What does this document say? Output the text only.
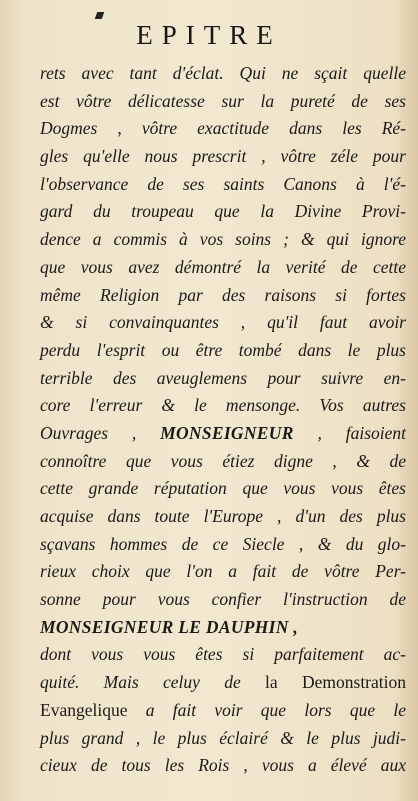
EPITRE
rets avec tant d'éclat. Qui ne sçait quelle
est vôtre délicatesse sur la pureté de ses
Dogmes , vôtre exactitude dans les Ré-
gles qu'elle nous prescrit , vôtre zéle pour
l'observance de ses saints Canons à l'é-
gard du troupeau que la Divine Provi-
dence a commis à vos soins ; & qui ignore
que vous avez démontré la verité de cette
même Religion par des raisons si fortes
& si convainquantes , qu'il faut avoir
perdu l'esprit ou être tombé dans le plus
terrible des aveuglemens pour suivre en-
core l'erreur & le mensonge. Vos autres
Ouvrages , MONSEIGNEUR , faisoient
connoître que vous étiez digne , & de
cette grande réputation que vous vous êtes
acquise dans toute l'Europe , d'un des plus
sçavans hommes de ce Siecle , & du glo-
rieux choix que l'on a fait de vôtre Per-
sonne pour vous confier l'instruction de
MONSEIGNEUR LE DAUPHIN ,
dont vous vous êtes si parfaitement ac-
quité. Mais celuy de la Demonstration
Evangelique a fait voir que lors que le
plus grand , le plus éclairé & le plus judi-
cieux de tous les Rois , vous a élevé aux
